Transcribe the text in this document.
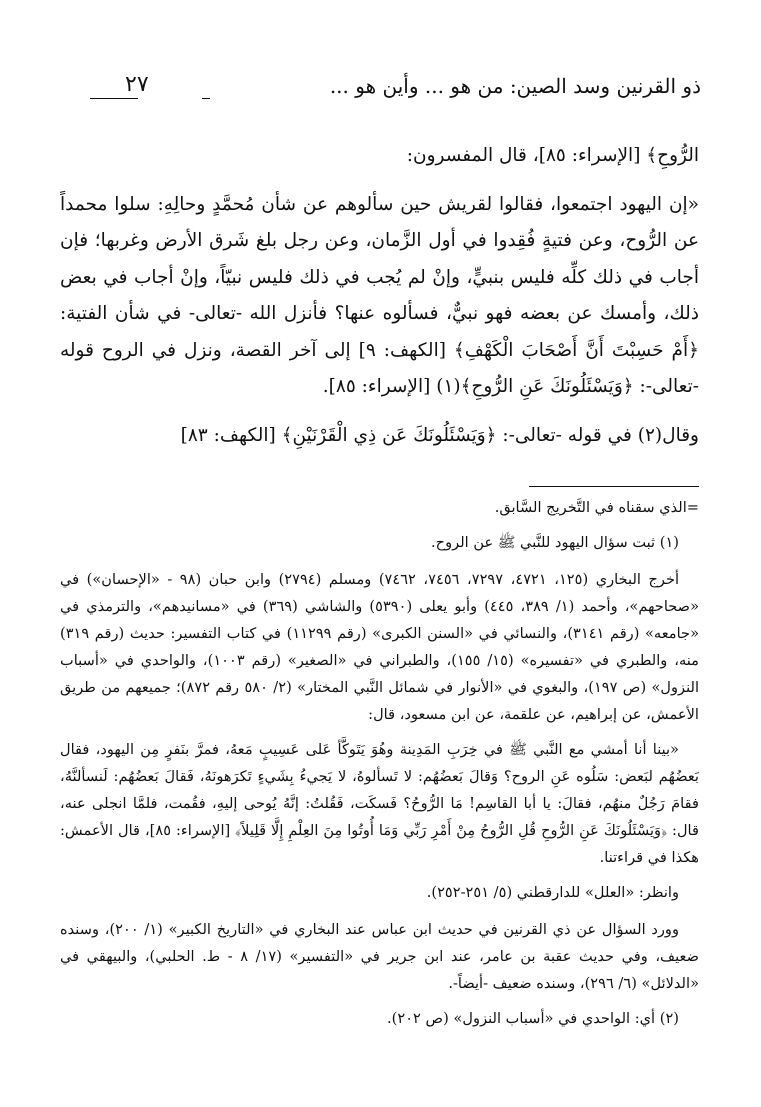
ذو القرنين وسد الصين: من هو ... وأين هو ...
٢٧

الرُّوحِ﴾ [الإسراء: ٨٥]، قال المفسرون:

«إن اليهود اجتمعوا، فقالوا لقريش حين سألوهم عن شأن مُحمَّدٍ وحالِهِ: سلوا محمداً عن الرُّوح، وعن فتيةٍ فُقِدوا في أول الزَّمان، وعن رجل بلغ شَرق الأرض وغربها؛ فإن أجاب في ذلك كلِّه فليس بنبيٍّ، وإنْ لم يُجب في ذلك فليس نبيّاً، وإنْ أجاب في بعض ذلك، وأمسك عن بعضه فهو نبيٌّ، فسألوه عنها؟ فأنزل الله -تعالى- في شأن الفتية: ﴿أَمْ حَسِبْتَ أَنَّ أَصْحَابَ الْكَهْفِ﴾ [الكهف: ٩] إلى آخر القصة، ونزل في الروح قوله -تعالى-: ﴿وَيَسْئَلُونَكَ عَنِ الرُّوحِ﴾(١) [الإسراء: ٨٥].

وقال(٢) في قوله -تعالى-: ﴿وَيَسْئَلُونَكَ عَن ذِي الْقَرْنَيْنِ﴾ [الكهف: ٨٣]

=الذي سقناه في التَّخريج السَّابق.

(١) ثبت سؤال اليهود للنَّبي ﷺ عن الروح.

أخرج البخاري (١٢٥، ٤٧٢١، ٧٢٩٧، ٧٤٥٦، ٧٤٦٢) ومسلم (٢٧٩٤) وابن حبان (٩٨ - «الإحسان») في «صحاحهم»، وأحمد (١/ ٣٨٩، ٤٤٥) وأبو يعلى (٥٣٩٠) والشاشي (٣٦٩) في «مسانيدهم»، والترمذي في «جامعه» (رقم ٣١٤١)، والنسائي في «السنن الكبرى» (رقم ١١٢٩٩) في كتاب التفسير: حديث (رقم ٣١٩) منه، والطبري في «تفسيره» (١٥/ ١٥٥)، والطبراني في «الصغير» (رقم ١٠٠٣)، والواحدي في «أسباب النزول» (ص ١٩٧)، والبغوي في «الأنوار في شمائل النَّبي المختار» (٢/ ٥٨٠ رقم ٨٧٢)؛ جميعهم من طريق الأعمش، عن إبراهيم، عن علقمة، عن ابن مسعود، قال:

«بينا أنا أمشي مع النَّبي ﷺ في خِرَبِ المَدِينة وهُوَ يَتَوكَّأ عَلى عَسِيبٍ مَعهُ، فمرَّ بنَفرٍ مِن اليهود، فقال بَعضُهُم لبَعض: سَلُوه عَنِ الروح؟ وَقالَ بَعضُهُم: لا تَسألوهُ، لا يَجيءُ بِشَيءٍ تَكرَهونَهُ، فَقالَ بَعضُهُم: لَنسألنَّهُ، فقامَ رَجُلٌ منهُم، فقالَ: يا أبا القاسِم! مَا الرُّوحُ؟ فَسكَت، فَقُلتُ: إنَّهُ يُوحى إليهِ، فقُمت، فلمَّا انجلى عنه، قال: ﴿وَيَسْئَلُونَكَ عَنِ الرُّوحِ قُلِ الرُّوحُ مِنْ أَمْرِ رَبِّي وَمَا أُوتُوا مِنَ العِلْمِ إِلَّا قَلِيلاً﴾ [الإسراء: ٨٥]، قال الأعمش: هكذا في قراءتنا.

وانظر: «العلل» للدارقطني (٥/ ٢٥١-٢٥٢).

وورد السؤال عن ذي القرنين في حديث ابن عباس عند البخاري في «التاريخ الكبير» (١/ ٢٠٠)، وسنده ضعيف، وفي حديث عقبة بن عامر، عند ابن جرير في «التفسير» (١٧/ ٨ - ط. الحلبي)، والبيهقي في «الدلائل» (٦/ ٢٩٦)، وسنده ضعيف -أيضاً-.

(٢) أي: الواحدي في «أسباب النزول» (ص ٢٠٢).
